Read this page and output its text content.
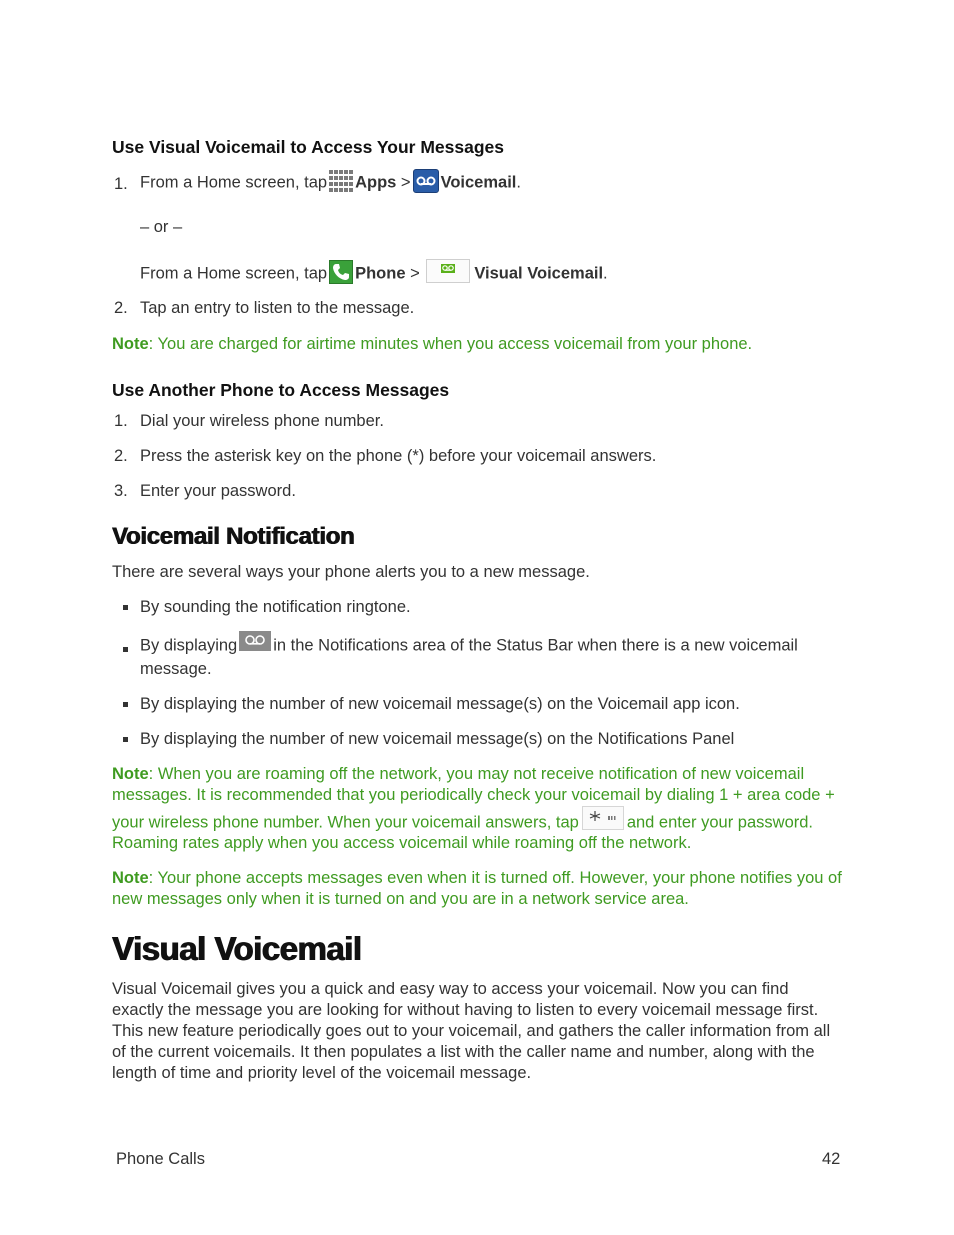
Use Visual Voicemail to Access Your Messages
1. From a Home screen, tap Apps > Voicemail.
– or –
From a Home screen, tap Phone >	Visual Voicemail.
2. Tap an entry to listen to the message.
Note: You are charged for airtime minutes when you access voicemail from your phone.
Use Another Phone to Access Messages
1. Dial your wireless phone number.
2. Press the asterisk key on the phone (*) before your voicemail answers.
3. Enter your password.
Voicemail Notification
There are several ways your phone alerts you to a new message.
By sounding the notification ringtone.
By displaying in the Notifications area of the Status Bar when there is a new voicemail
message.
By displaying the number of new voicemail message(s) on the Voicemail app icon.
By displaying the number of new voicemail message(s) on the Notifications Panel
Note: When you are roaming off the network, you may not receive notification of new voicemail
messages. It is recommended that you periodically check your voicemail by dialing 1 + area code +
your wireless phone number. When your voicemail answers, tap	and enter your password.
Roaming rates apply when you access voicemail while roaming off the network.
Note: Your phone accepts messages even when it is turned off. However, your phone notifies you of
new messages only when it is turned on and you are in a network service area.
Visual Voicemail
Visual Voicemail gives you a quick and easy way to access your voicemail. Now you can find exactly the message you are looking for without having to listen to every voicemail message first. This new feature periodically goes out to your voicemail, and gathers the caller information from all of the current voicemails. It then populates a list with the caller name and number, along with the length of time and priority level of the voicemail message.
Phone Calls	42
